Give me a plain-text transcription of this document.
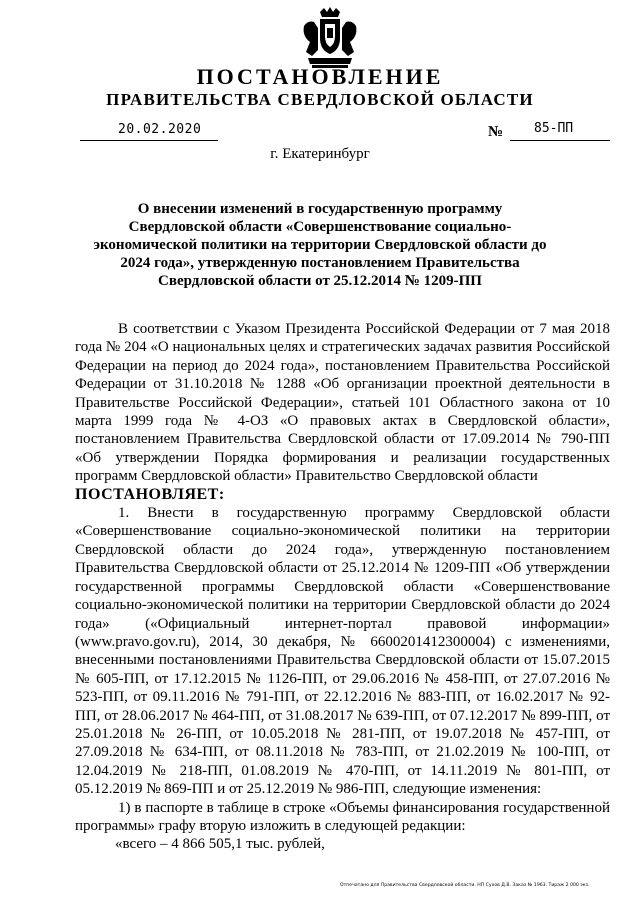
ПОСТАНОВЛЕНИЕ
ПРАВИТЕЛЬСТВА СВЕРДЛОВСКОЙ ОБЛАСТИ
20.02.2020	№ 85-ПП
г. Екатеринбург
О внесении изменений в государственную программу Свердловской области «Совершенствование социально-экономической политики на территории Свердловской области до 2024 года», утвержденную постановлением Правительства Свердловской области от 25.12.2014 № 1209-ПП

В соответствии с Указом Президента Российской Федерации от 7 мая 2018 года № 204 «О национальных целях и стратегических задачах развития Российской Федерации на период до 2024 года», постановлением Правительства Российской Федерации от 31.10.2018 № 1288 «Об организации проектной деятельности в Правительстве Российской Федерации», статьей 101 Областного закона от 10 марта 1999 года № 4-ОЗ «О правовых актах в Свердловской области», постановлением Правительства Свердловской области от 17.09.2014 № 790-ПП «Об утверждении Порядка формирования и реализации государственных программ Свердловской области» Правительство Свердловской области

ПОСТАНОВЛЯЕТ:

1. Внести в государственную программу Свердловской области «Совершенствование социально-экономической политики на территории Свердловской области до 2024 года», утвержденную постановлением Правительства Свердловской области от 25.12.2014 № 1209-ПП «Об утверждении государственной программы Свердловской области «Совершенствование социально-экономической политики на территории Свердловской области до 2024 года» («Официальный интернет-портал правовой информации» (www.pravo.gov.ru), 2014, 30 декабря, № 6600201412300004) с изменениями, внесенными постановлениями Правительства Свердловской области от 15.07.2015 № 605-ПП, от 17.12.2015 № 1126-ПП, от 29.06.2016 № 458-ПП, от 27.07.2016 № 523-ПП, от 09.11.2016 № 791-ПП, от 22.12.2016 № 883-ПП, от 16.02.2017 № 92-ПП, от 28.06.2017 № 464-ПП, от 31.08.2017 № 639-ПП, от 07.12.2017 № 899-ПП, от 25.01.2018 № 26-ПП, от 10.05.2018 № 281-ПП, от 19.07.2018 № 457-ПП, от 27.09.2018 № 634-ПП, от 08.11.2018 № 783-ПП, от 21.02.2019 № 100-ПП, от 12.04.2019 № 218-ПП, 01.08.2019 № 470-ПП, от 14.11.2019 № 801-ПП, от 05.12.2019 № 869-ПП и от 25.12.2019 № 986-ПП, следующие изменения:

1) в паспорте в таблице в строке «Объемы финансирования государственной программы» графу вторую изложить в следующей редакции:

«всего – 4 866 505,1 тыс. рублей,

Отпечатано для Правительства Свердловской области. НП Сухов Д.В. Заказ № 1963. Тираж 2 000 экз.
